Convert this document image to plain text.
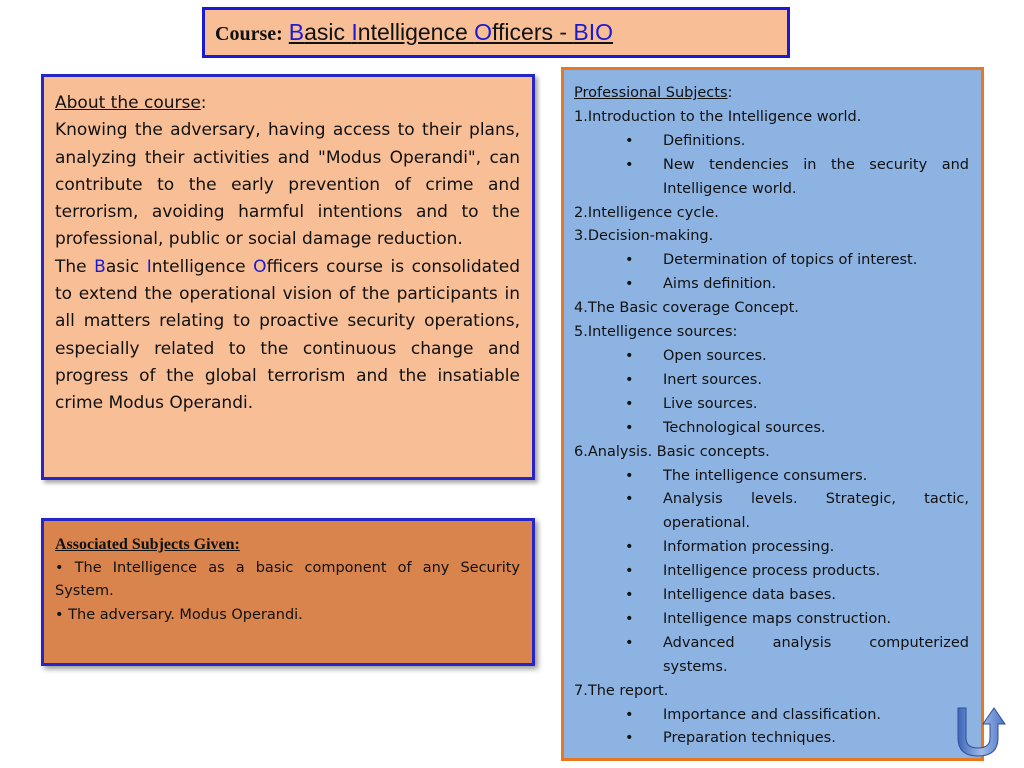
Course: Basic Intelligence Officers - BIO

About the course:

Knowing the adversary, having access to their plans, analyzing their activities and "Modus Operandi", can contribute to the early prevention of crime and terrorism, avoiding harmful intentions and to the professional, public or social damage reduction.

The Basic Intelligence Officers course is consolidated to extend the operational vision of the participants in all matters relating to proactive security operations, especially related to the continuous change and progress of the global terrorism and the insatiable crime Modus Operandi.

Associated Subjects Given:

• The Intelligence as a basic component of any Security System.

• The adversary. Modus Operandi.

Professional Subjects:

1.Introduction to the Intelligence world.

• Definitions.
• New tendencies in the security and Intelligence world.

2.Intelligence cycle.

3.Decision-making.

• Determination of topics of interest.
• Aims definition.

4.The Basic coverage Concept.

5.Intelligence sources:

• Open sources.
• Inert sources.
• Live sources.
• Technological sources.

6.Analysis. Basic concepts.

• The intelligence consumers.
• Analysis levels. Strategic, tactic, operational.
• Information processing.
• Intelligence process products.
• Intelligence data bases.
• Intelligence maps construction.
• Advanced analysis computerized systems.

7.The report.

• Importance and classification.
• Preparation techniques.
